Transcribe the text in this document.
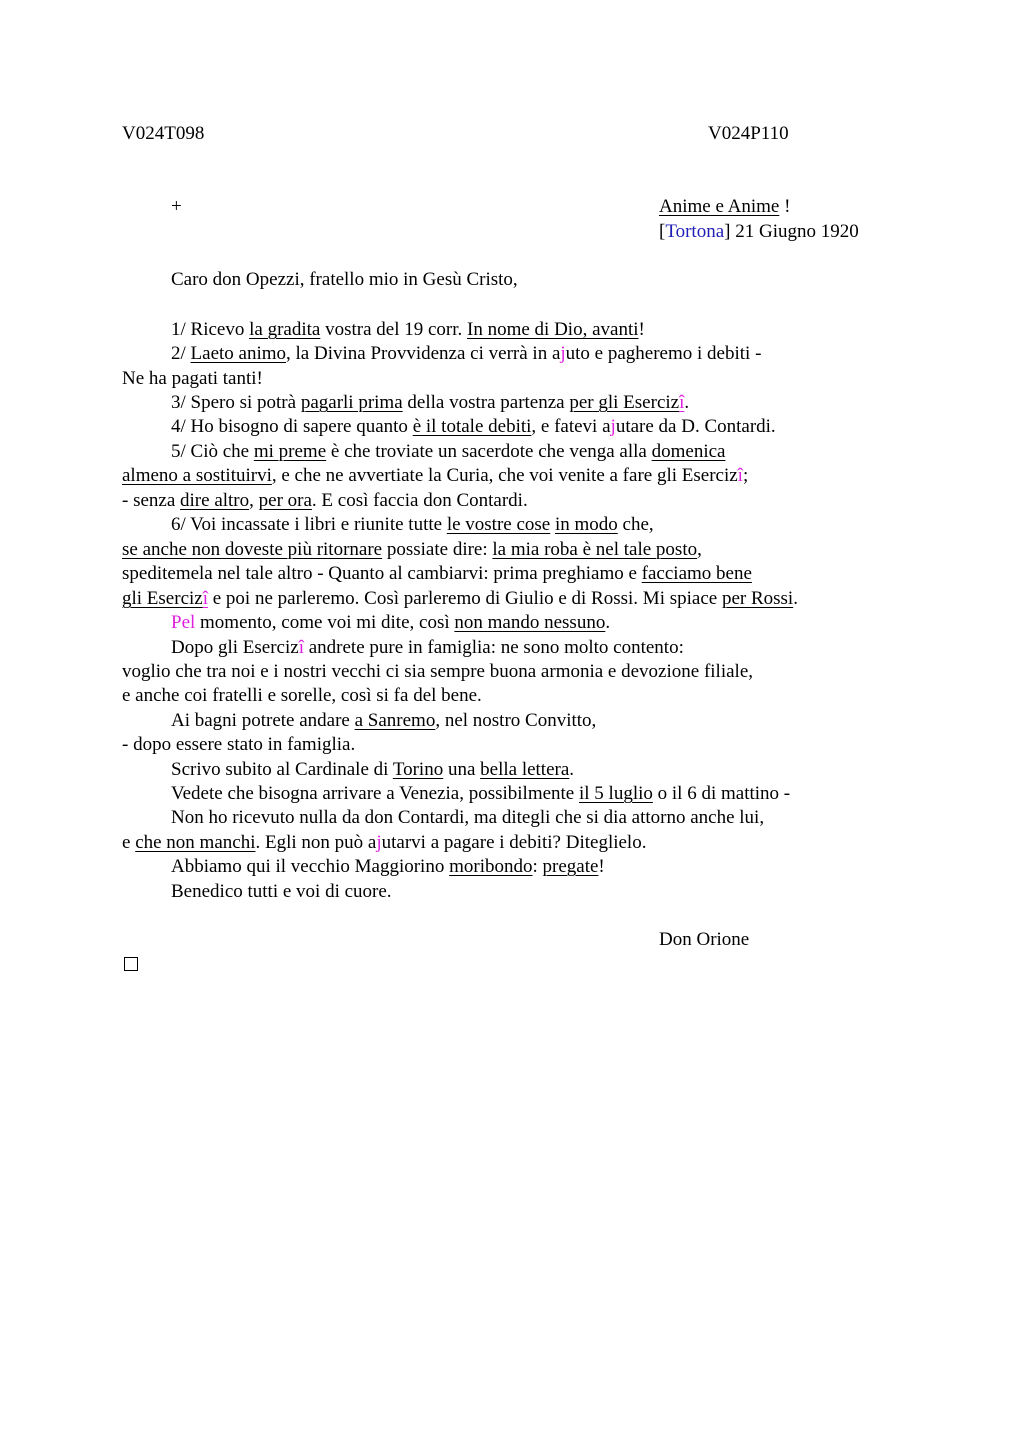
V024T098	V024P110
+	Anime e Anime !
[Tortona] 21 Giugno 1920
Caro don Opezzi, fratello mio in Gesù Cristo,
1/ Ricevo la gradita vostra del 19 corr. In nome di Dio, avanti!
2/ Laeto animo, la Divina Provvidenza ci verrà in ajuto e pagheremo i debiti -
Ne ha pagati tanti!
3/ Spero si potrà pagarli prima della vostra partenza per gli Esercizî.
4/ Ho bisogno di sapere quanto è il totale debiti, e fatevi ajutare da D. Contardi.
5/ Ciò che mi preme è che troviate un sacerdote che venga alla domenica
almeno a sostituirvi, e che ne avvertiate la Curia, che voi venite a fare gli Esercizî;
- senza dire altro, per ora. E così faccia don Contardi.
6/ Voi incassate i libri e riunite tutte le vostre cose in modo che,
se anche non doveste più ritornare possiate dire: la mia roba è nel tale posto,
speditemela nel tale altro - Quanto al cambiarvi: prima preghiamo e facciamo bene
gli Esercizî e poi ne parleremo. Così parleremo di Giulio e di Rossi. Mi spiace per Rossi.
Pel momento, come voi mi dite, così non mando nessuno.
Dopo gli Esercizî andrete pure in famiglia: ne sono molto contento:
voglio che tra noi e i nostri vecchi ci sia sempre buona armonia e devozione filiale,
e anche coi fratelli e sorelle, così si fa del bene.
Ai bagni potrete andare a Sanremo, nel nostro Convitto,
- dopo essere stato in famiglia.
Scrivo subito al Cardinale di Torino una bella lettera.
Vedete che bisogna arrivare a Venezia, possibilmente il 5 luglio o il 6 di mattino -
Non ho ricevuto nulla da don Contardi, ma ditegli che si dia attorno anche lui,
e che non manchi. Egli non può ajutarvi a pagare i debiti? Diteglielo.
Abbiamo qui il vecchio Maggiorino moribondo: pregate!
Benedico tutti e voi di cuore.
Don Orione
